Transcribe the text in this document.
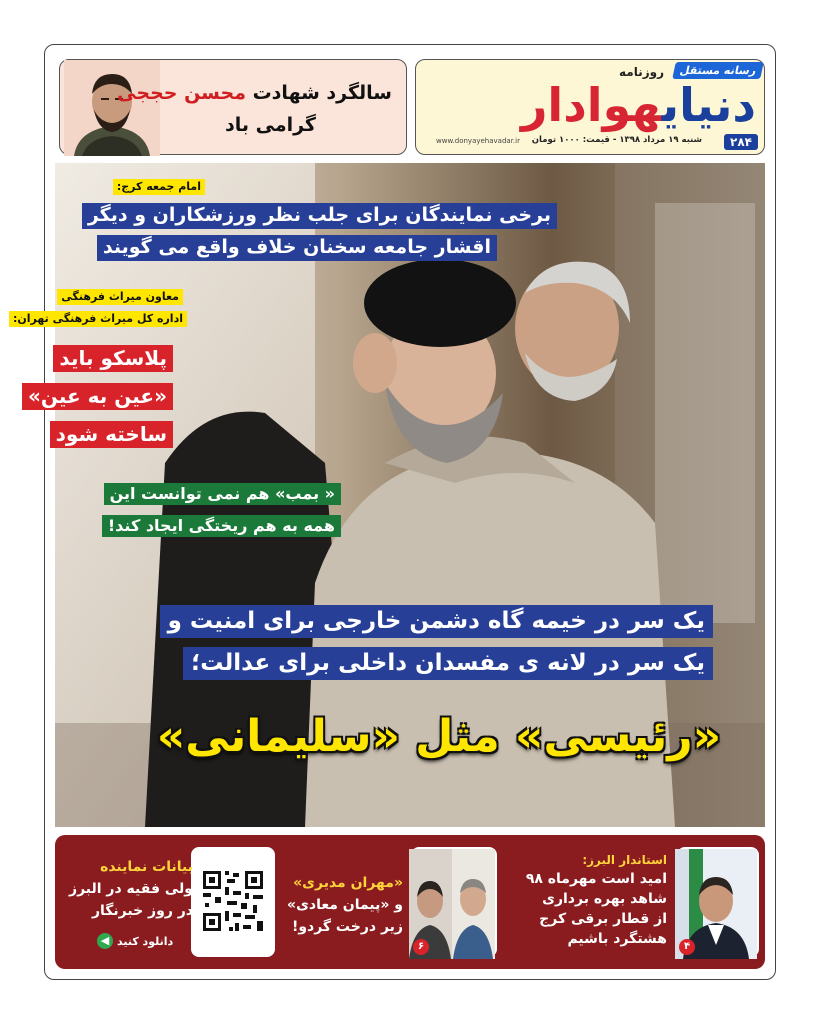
رسانه مستقل
روزنامه
دنیایهوادار
۲۸۴
شنبه ۱۹ مرداد ۱۳۹۸ - قیمت: ۱۰۰۰ تومان
www.donyayehavadar.ir
سالگرد شهادت محسن حججی
گرامی باد
امام جمعه کرج:
برخی نمایندگان برای جلب نظر ورزشکاران و دیگر
اقشار جامعه سخنان خلاف واقع می گویند
معاون میراث فرهنگی
اداره کل میراث فرهنگی تهران:
پلاسکو باید
«عین به عین»
ساخته شود
« بمب» هم نمی توانست این
همه به هم ریختگی ایجاد کند!
یک سر در خیمه گاه دشمن خارجی برای امنیت و
یک سر در لانه ی مفسدان داخلی برای عدالت؛
«رئیسی» مثل «سلیمانی»
۴
استاندار البرز:
امید است مهرماه ۹۸
شاهد بهره برداری
از قطار برقی کرج
هشتگرد باشیم
۶
«مهران مدیری»
و «پیمان معادی»
زیر درخت گردو!
بیانات نماینده
ولی فقیه در البرز
در روز خبرنگار
دانلود کنید
◀
